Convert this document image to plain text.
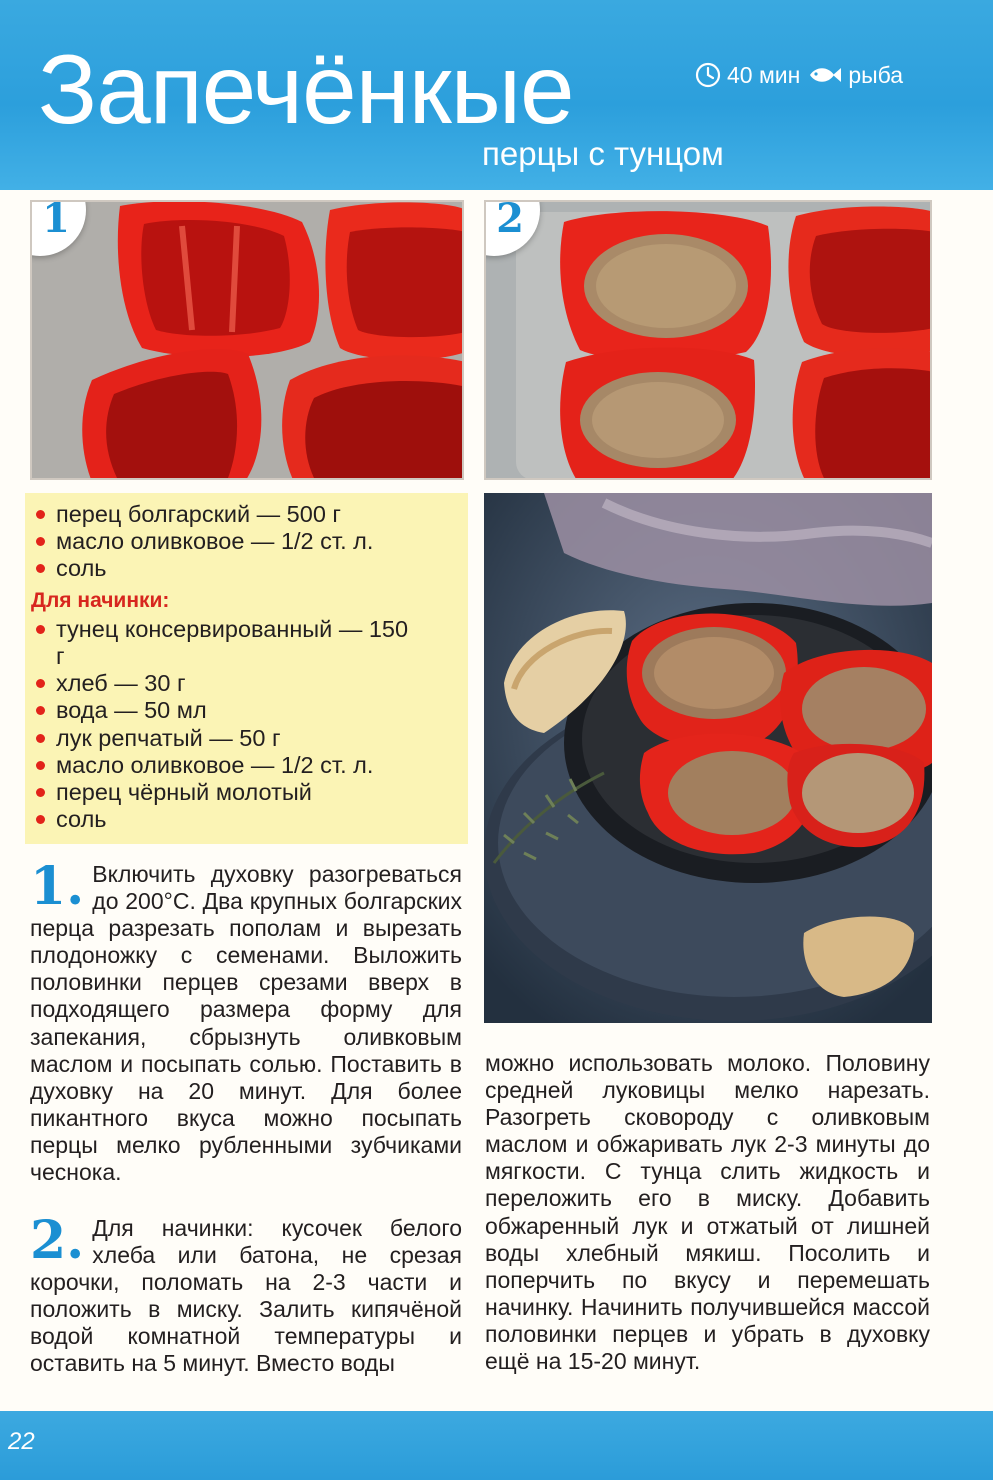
Запечёнкые
перцы с тунцом
40 мин рыба
1	2
перец болгарский — 500 г
масло оливковое — 1/2 ст. л.
соль
Для начинки:
тунец консервированный — 150 г
хлеб — 30 г
вода — 50 мл
лук репчатый — 50 г
масло оливковое — 1/2 ст. л.
перец чёрный молотый
соль
1. Включить духовку разогреваться до 200°С. Два крупных болгарских перца разрезать пополам и вырезать плодоножку с семенами. Выложить половинки перцев срезами вверх в подходящего размера форму для запекания, сбрызнуть оливковым маслом и посыпать солью. Поставить в духовку на 20 минут. Для более пикантного вкуса можно посыпать перцы мелко рубленными зубчиками чеснока.
2. Для начинки: кусочек белого хлеба или батона, не срезая корочки, поломать на 2-3 части и положить в миску. Залить кипячёной водой комнатной температуры и оставить на 5 минут. Вместо воды
можно использовать молоко. Половину средней луковицы мелко нарезать. Разогреть сковороду с оливковым маслом и обжаривать лук 2-3 минуты до мягкости. С тунца слить жидкость и переложить его в миску. Добавить обжаренный лук и отжатый от лишней воды хлебный мякиш. Посолить и поперчить по вкусу и перемешать начинку. Начинить получившейся массой половинки перцев и убрать в духовку ещё на 15-20 минут.
22
